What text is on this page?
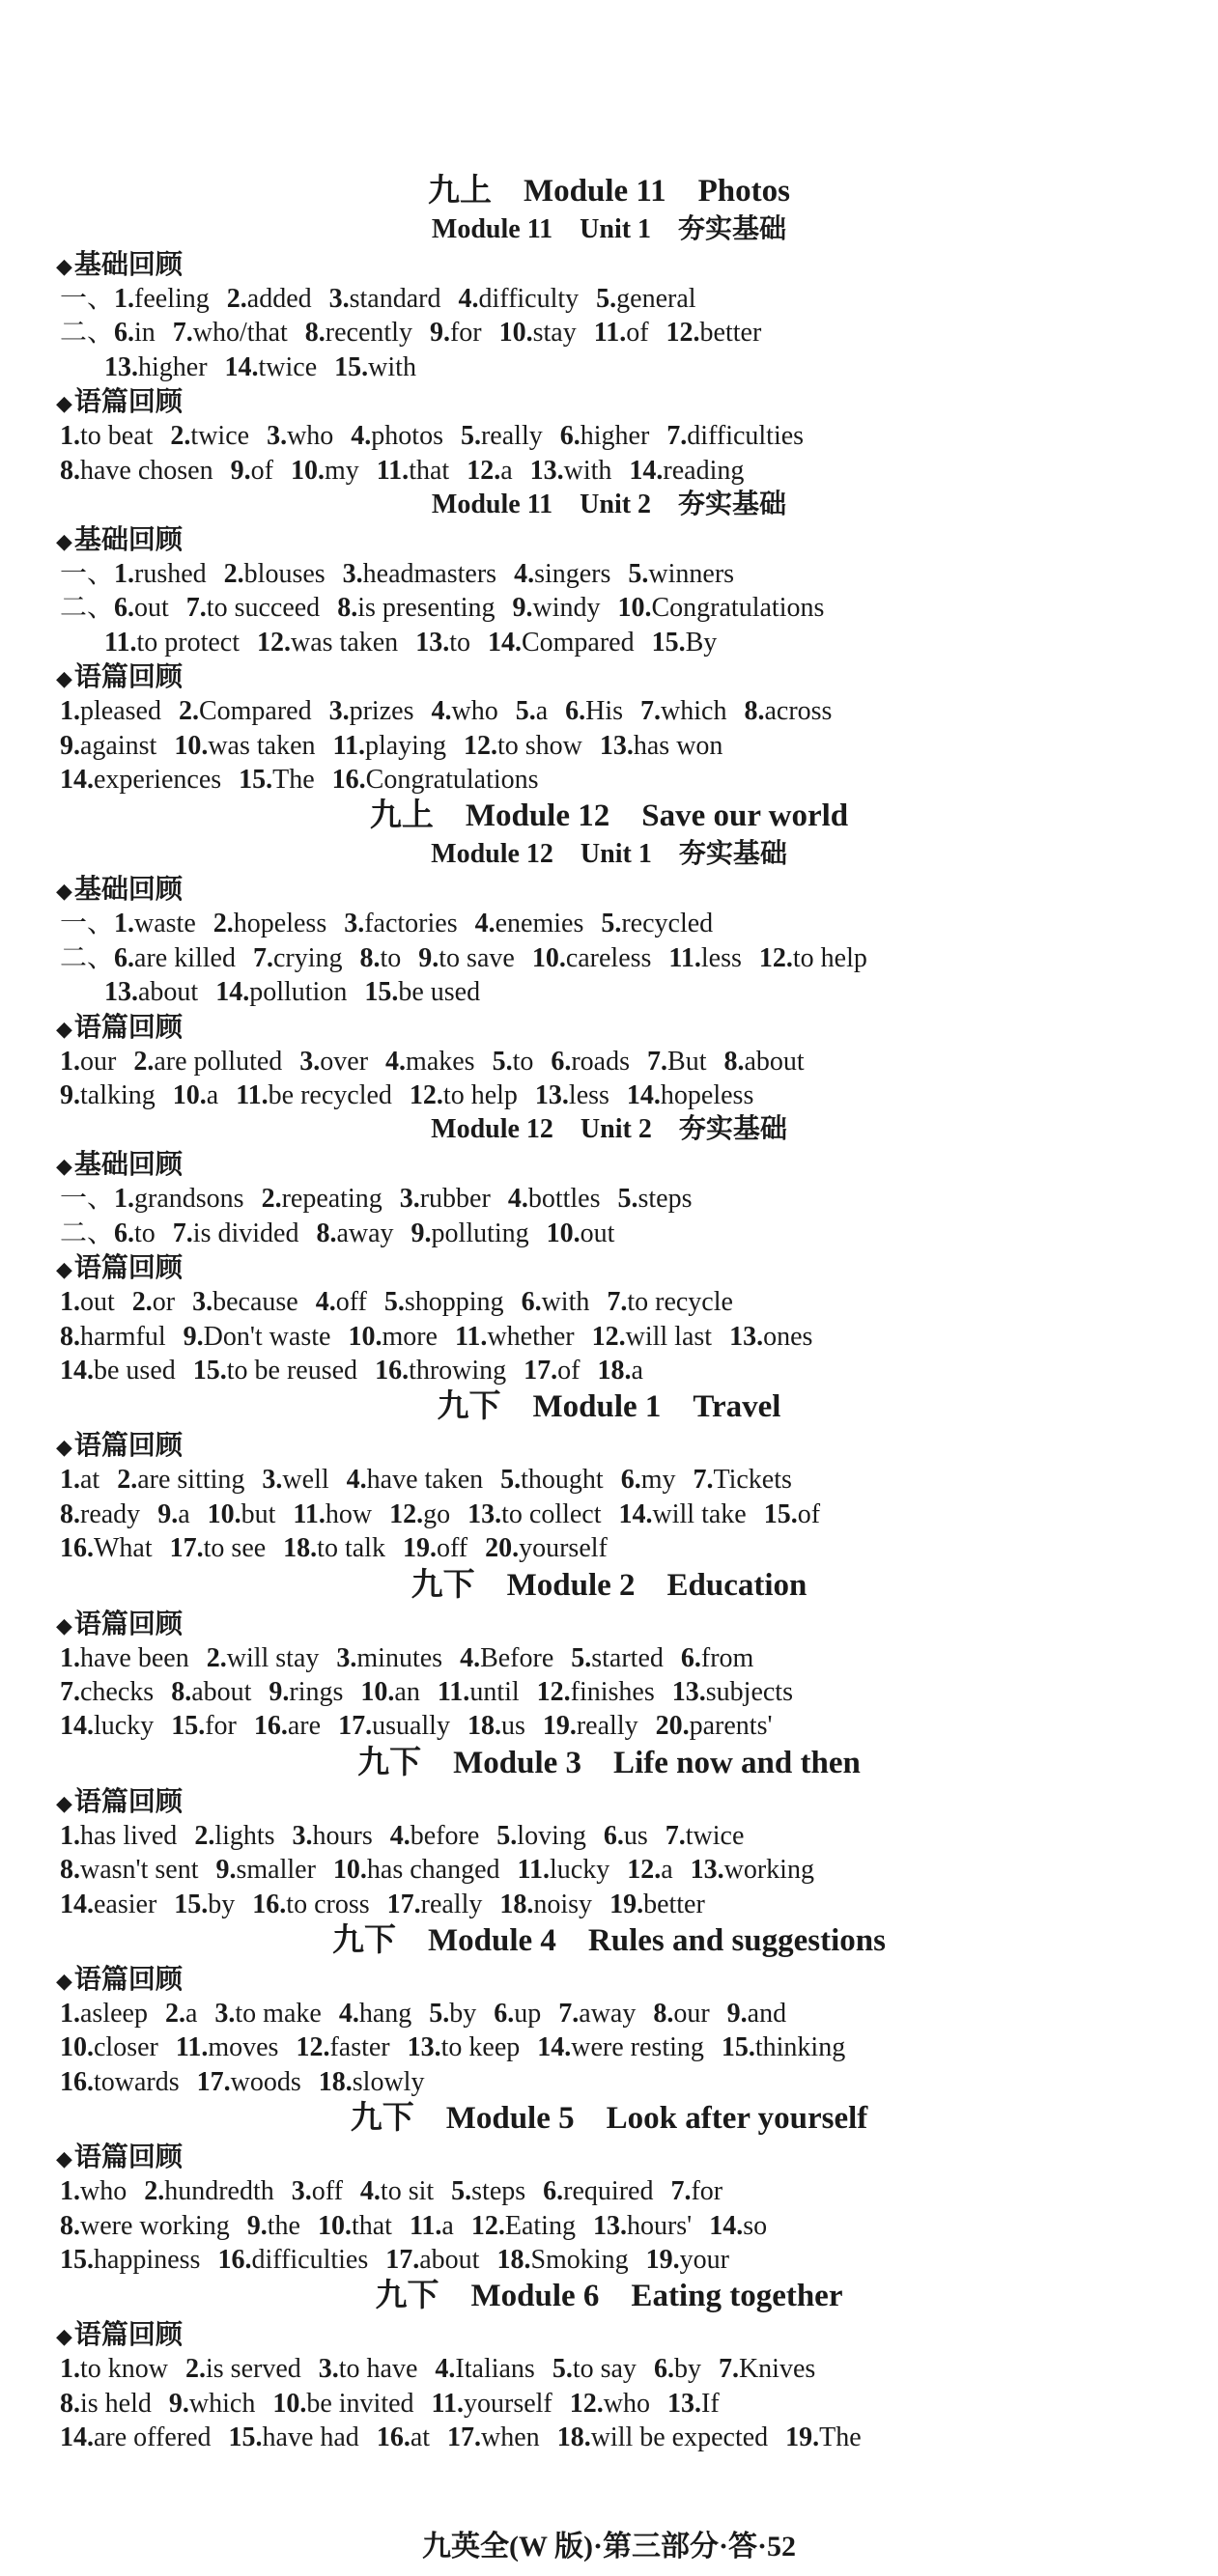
九上　Module 11　Photos
Module 11　Unit 1　夯实基础
◆基础回顾
一、1.feeling 2.added 3.standard 4.difficulty 5.general
二、6.in 7.who/that 8.recently 9.for 10.stay 11.of 12.better
13.higher 14.twice 15.with
◆语篇回顾
1.to beat 2.twice 3.who 4.photos 5.really 6.higher 7.difficulties
8.have chosen 9.of 10.my 11.that 12.a 13.with 14.reading
Module 11　Unit 2　夯实基础
◆基础回顾
一、1.rushed 2.blouses 3.headmasters 4.singers 5.winners
二、6.out 7.to succeed 8.is presenting 9.windy 10.Congratulations
11.to protect 12.was taken 13.to 14.Compared 15.By
◆语篇回顾
1.pleased 2.Compared 3.prizes 4.who 5.a 6.His 7.which 8.across
9.against 10.was taken 11.playing 12.to show 13.has won
14.experiences 15.The 16.Congratulations
九上　Module 12　Save our world
Module 12　Unit 1　夯实基础
◆基础回顾
一、1.waste 2.hopeless 3.factories 4.enemies 5.recycled
二、6.are killed 7.crying 8.to 9.to save 10.careless 11.less 12.to help
13.about 14.pollution 15.be used
◆语篇回顾
1.our 2.are polluted 3.over 4.makes 5.to 6.roads 7.But 8.about
9.talking 10.a 11.be recycled 12.to help 13.less 14.hopeless
Module 12　Unit 2　夯实基础
◆基础回顾
一、1.grandsons 2.repeating 3.rubber 4.bottles 5.steps
二、6.to 7.is divided 8.away 9.polluting 10.out
◆语篇回顾
1.out 2.or 3.because 4.off 5.shopping 6.with 7.to recycle
8.harmful 9.Don't waste 10.more 11.whether 12.will last 13.ones
14.be used 15.to be reused 16.throwing 17.of 18.a
九下　Module 1　Travel
◆语篇回顾
1.at 2.are sitting 3.well 4.have taken 5.thought 6.my 7.Tickets
8.ready 9.a 10.but 11.how 12.go 13.to collect 14.will take 15.of
16.What 17.to see 18.to talk 19.off 20.yourself
九下　Module 2　Education
◆语篇回顾
1.have been 2.will stay 3.minutes 4.Before 5.started 6.from
7.checks 8.about 9.rings 10.an 11.until 12.finishes 13.subjects
14.lucky 15.for 16.are 17.usually 18.us 19.really 20.parents'
九下　Module 3　Life now and then
◆语篇回顾
1.has lived 2.lights 3.hours 4.before 5.loving 6.us 7.twice
8.wasn't sent 9.smaller 10.has changed 11.lucky 12.a 13.working
14.easier 15.by 16.to cross 17.really 18.noisy 19.better
九下　Module 4　Rules and suggestions
◆语篇回顾
1.asleep 2.a 3.to make 4.hang 5.by 6.up 7.away 8.our 9.and
10.closer 11.moves 12.faster 13.to keep 14.were resting 15.thinking
16.towards 17.woods 18.slowly
九下　Module 5　Look after yourself
◆语篇回顾
1.who 2.hundredth 3.off 4.to sit 5.steps 6.required 7.for
8.were working 9.the 10.that 11.a 12.Eating 13.hours' 14.so
15.happiness 16.difficulties 17.about 18.Smoking 19.your
九下　Module 6　Eating together
◆语篇回顾
1.to know 2.is served 3.to have 4.Italians 5.to say 6.by 7.Knives
8.is held 9.which 10.be invited 11.yourself 12.who 13.If
14.are offered 15.have had 16.at 17.when 18.will be expected 19.The
九英全(W 版)·第三部分·答·52
